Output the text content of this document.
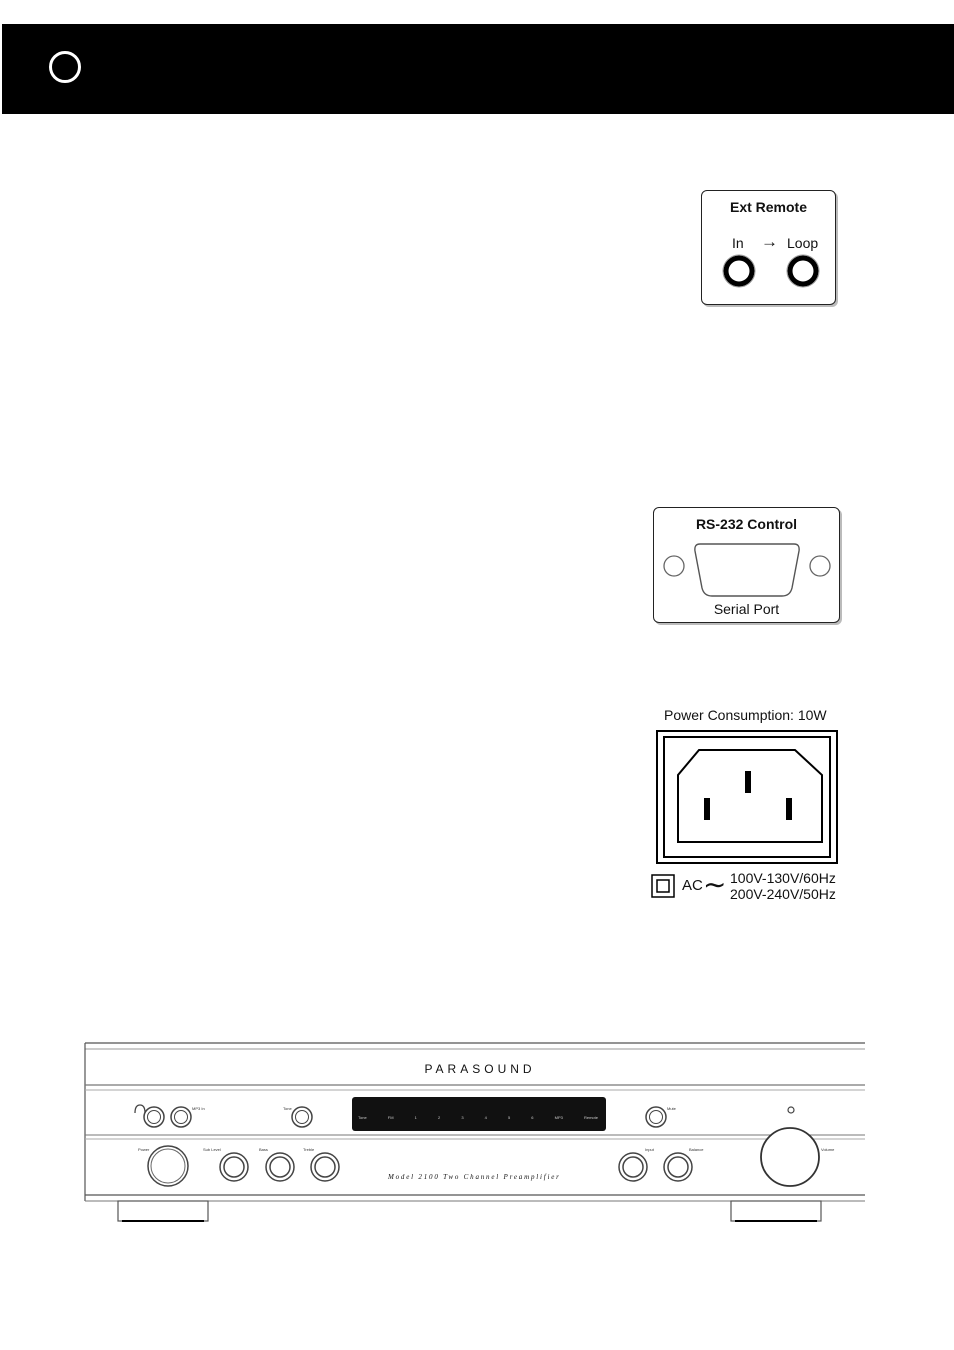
Ext Remote
In → Loop
RS-232 Control
Serial Port
Power Consumption: 10W
AC ∼ 100V-130V/60Hz
200V-240V/50Hz
PARASOUND
Model 2100 Two Channel Preamplifier
MP3 In	Tone	Mute
Power	Sub Level	Bass	Treble	Input	Balance	Volume
Tone	FM	1	2	3	4	5	6	MP3	Remote
